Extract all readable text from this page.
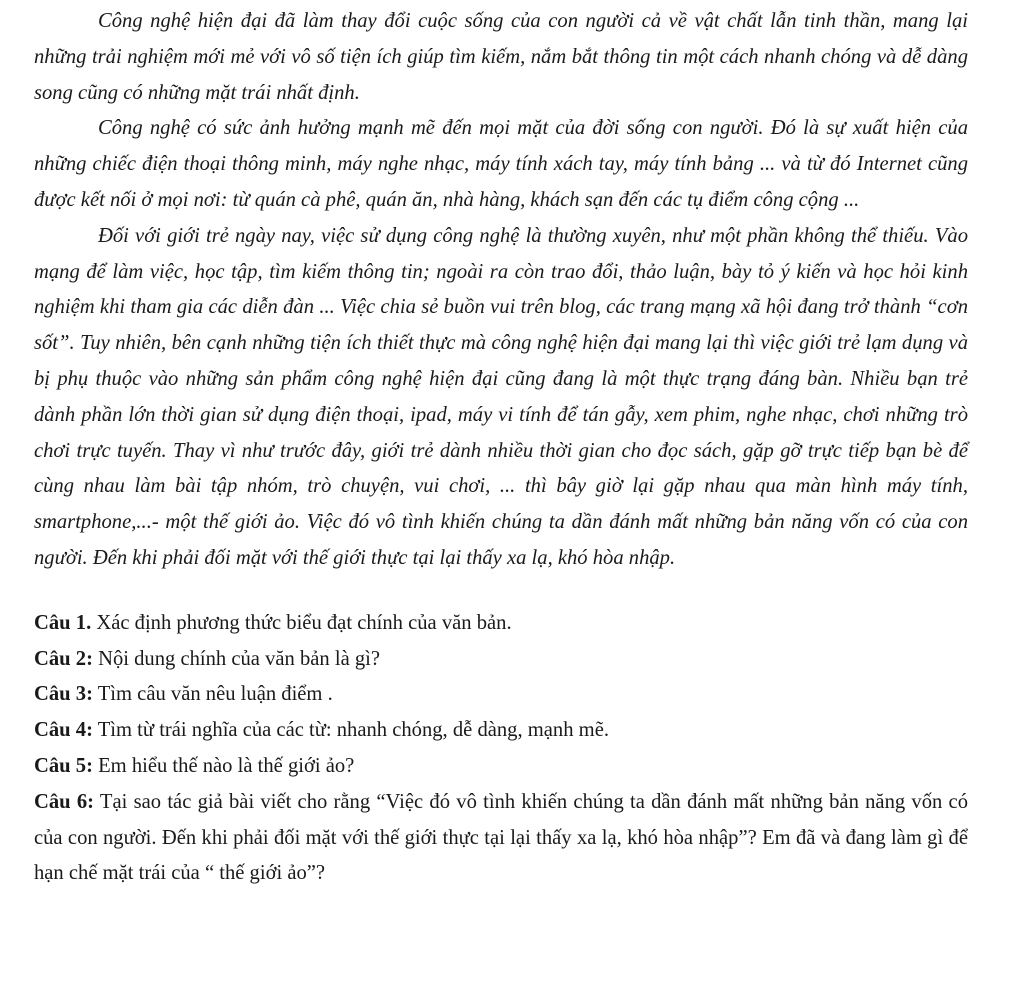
Công nghệ hiện đại đã làm thay đổi cuộc sống của con người cả về vật chất lẫn tinh thần, mang lại những trải nghiệm mới mẻ với vô số tiện ích giúp tìm kiếm, nắm bắt thông tin một cách nhanh chóng và dễ dàng song cũng có những mặt trái nhất định.

Công nghệ có sức ảnh hưởng mạnh mẽ đến mọi mặt của đời sống con người. Đó là sự xuất hiện của những chiếc điện thoại thông minh, máy nghe nhạc, máy tính xách tay, máy tính bảng ... và từ đó Internet cũng được kết nối ở mọi nơi: từ quán cà phê, quán ăn, nhà hàng, khách sạn đến các tụ điểm công cộng ...

Đối với giới trẻ ngày nay, việc sử dụng công nghệ là thường xuyên, như một phần không thể thiếu. Vào mạng để làm việc, học tập, tìm kiếm thông tin; ngoài ra còn trao đổi, thảo luận, bày tỏ ý kiến và học hỏi kinh nghiệm khi tham gia các diễn đàn ... Việc chia sẻ buồn vui trên blog, các trang mạng xã hội đang trở thành “cơn sốt”. Tuy nhiên, bên cạnh những tiện ích thiết thực mà công nghệ hiện đại mang lại thì việc giới trẻ lạm dụng và bị phụ thuộc vào những sản phẩm công nghệ hiện đại cũng đang là một thực trạng đáng bàn. Nhiều bạn trẻ dành phần lớn thời gian sử dụng điện thoại, ipad, máy vi tính để tán gẫy, xem phim, nghe nhạc, chơi những trò chơi trực tuyến. Thay vì như trước đây, giới trẻ dành nhiều thời gian cho đọc sách, gặp gỡ trực tiếp bạn bè để cùng nhau làm bài tập nhóm, trò chuyện, vui chơi, ... thì bây giờ lại gặp nhau qua màn hình máy tính, smartphone,...- một thế giới ảo. Việc đó vô tình khiến chúng ta dần đánh mất những bản năng vốn có của con người. Đến khi phải đối mặt với thế giới thực tại lại thấy xa lạ, khó hòa nhập.

Câu 1. Xác định phương thức biểu đạt chính của văn bản.

Câu 2: Nội dung chính của văn bản là gì?

Câu 3: Tìm câu văn nêu luận điểm .

Câu 4: Tìm từ trái nghĩa của các từ: nhanh chóng, dễ dàng, mạnh mẽ.

Câu 5: Em hiểu thế nào là thế giới ảo?

Câu 6: Tại sao tác giả bài viết cho rằng “Việc đó vô tình khiến chúng ta dần đánh mất những bản năng vốn có của con người. Đến khi phải đối mặt với thế giới thực tại lại thấy xa lạ, khó hòa nhập”? Em đã và đang làm gì để hạn chế mặt trái của “ thế giới ảo”?
